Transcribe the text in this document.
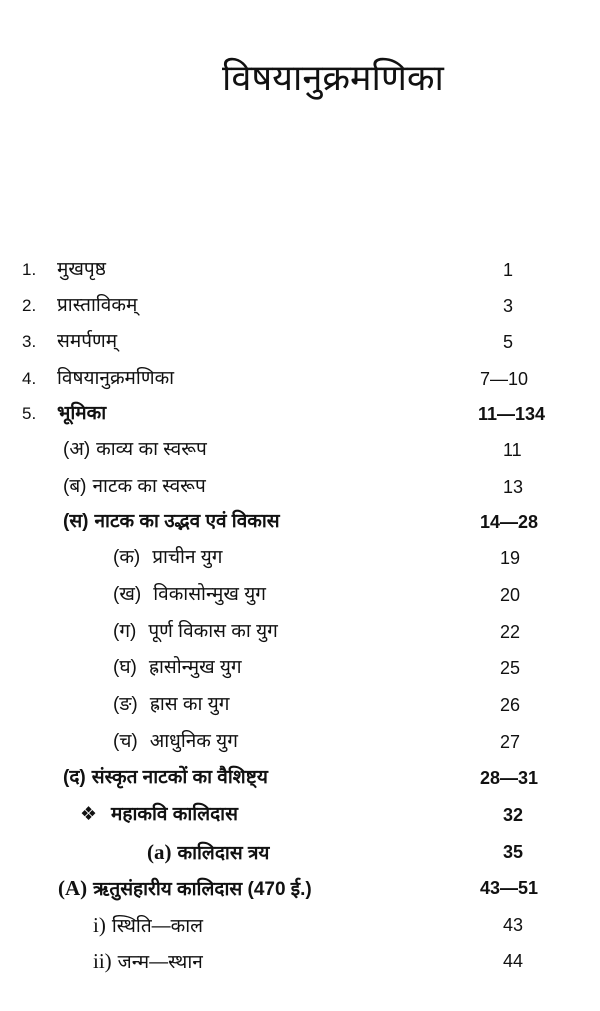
विषयानुक्रमणिका
1. मुखपृष्ठ	1
2. प्रास्ताविकम्	3
3. समर्पणम्	5
4. विषयानुक्रमणिका	7—10
5. भूमिका	11—134
(अ) काव्य का स्वरूप	11
(ब) नाटक का स्वरूप	13
(स) नाटक का उद्भव एवं विकास	14—28
(क) प्राचीन युग	19
(ख) विकासोन्मुख युग	20
(ग) पूर्ण विकास का युग	22
(घ) ह्रासोन्मुख युग	25
(ङ) ह्रास का युग	26
(च) आधुनिक युग	27
(द) संस्कृत नाटकों का वैशिष्ट्य	28—31
❖ महाकवि कालिदास	32
(a) कालिदास त्रय	35
(A) ऋतुसंहारीय कालिदास (470 ई.)	43—51
i) स्थिति—काल	43
ii) जन्म—स्थान	44
